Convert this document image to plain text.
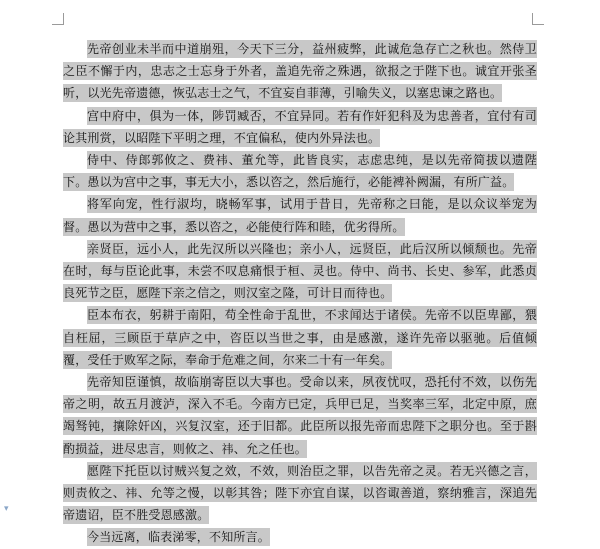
先帝创业未半而中道崩殂，今天下三分，益州疲弊，此诚危急存亡之秋也。然侍卫之臣不懈于内，忠志之士忘身于外者，盖追先帝之殊遇，欲报之于陛下也。诚宜开张圣听，以光先帝遗德，恢弘志士之气，不宜妄自菲薄，引喻失义，以塞忠谏之路也。

宫中府中，俱为一体，陟罚臧否，不宜异同。若有作奸犯科及为忠善者，宜付有司论其刑赏，以昭陛下平明之理，不宜偏私，使内外异法也。

侍中、侍郎郭攸之、费祎、董允等，此皆良实，志虑忠纯，是以先帝简拔以遗陛下。愚以为宫中之事，事无大小，悉以咨之，然后施行，必能裨补阙漏，有所广益。

将军向宠，性行淑均，晓畅军事，试用于昔日，先帝称之曰能，是以众议举宠为督。愚以为营中之事，悉以咨之，必能使行阵和睦，优劣得所。

亲贤臣，远小人，此先汉所以兴隆也；亲小人，远贤臣，此后汉所以倾颓也。先帝在时，每与臣论此事，未尝不叹息痛恨于桓、灵也。侍中、尚书、长史、参军，此悉贞良死节之臣，愿陛下亲之信之，则汉室之隆，可计日而待也。

臣本布衣，躬耕于南阳，苟全性命于乱世，不求闻达于诸侯。先帝不以臣卑鄙，猥自枉屈，三顾臣于草庐之中，咨臣以当世之事，由是感激，遂许先帝以驱驰。后值倾覆，受任于败军之际，奉命于危难之间，尔来二十有一年矣。

先帝知臣谨慎，故临崩寄臣以大事也。受命以来，夙夜忧叹，恐托付不效，以伤先帝之明，故五月渡泸，深入不毛。今南方已定，兵甲已足，当奖率三军，北定中原，庶竭驽钝，攘除奸凶，兴复汉室，还于旧都。此臣所以报先帝而忠陛下之职分也。至于斟酌损益，进尽忠言，则攸之、祎、允之任也。

愿陛下托臣以讨贼兴复之效，不效，则治臣之罪，以告先帝之灵。若无兴德之言，则责攸之、祎、允等之慢，以彰其咎；陛下亦宜自谋，以咨诹善道，察纳雅言，深追先帝遗诏，臣不胜受恩感激。

今当远离，临表涕零，不知所言。

▾
